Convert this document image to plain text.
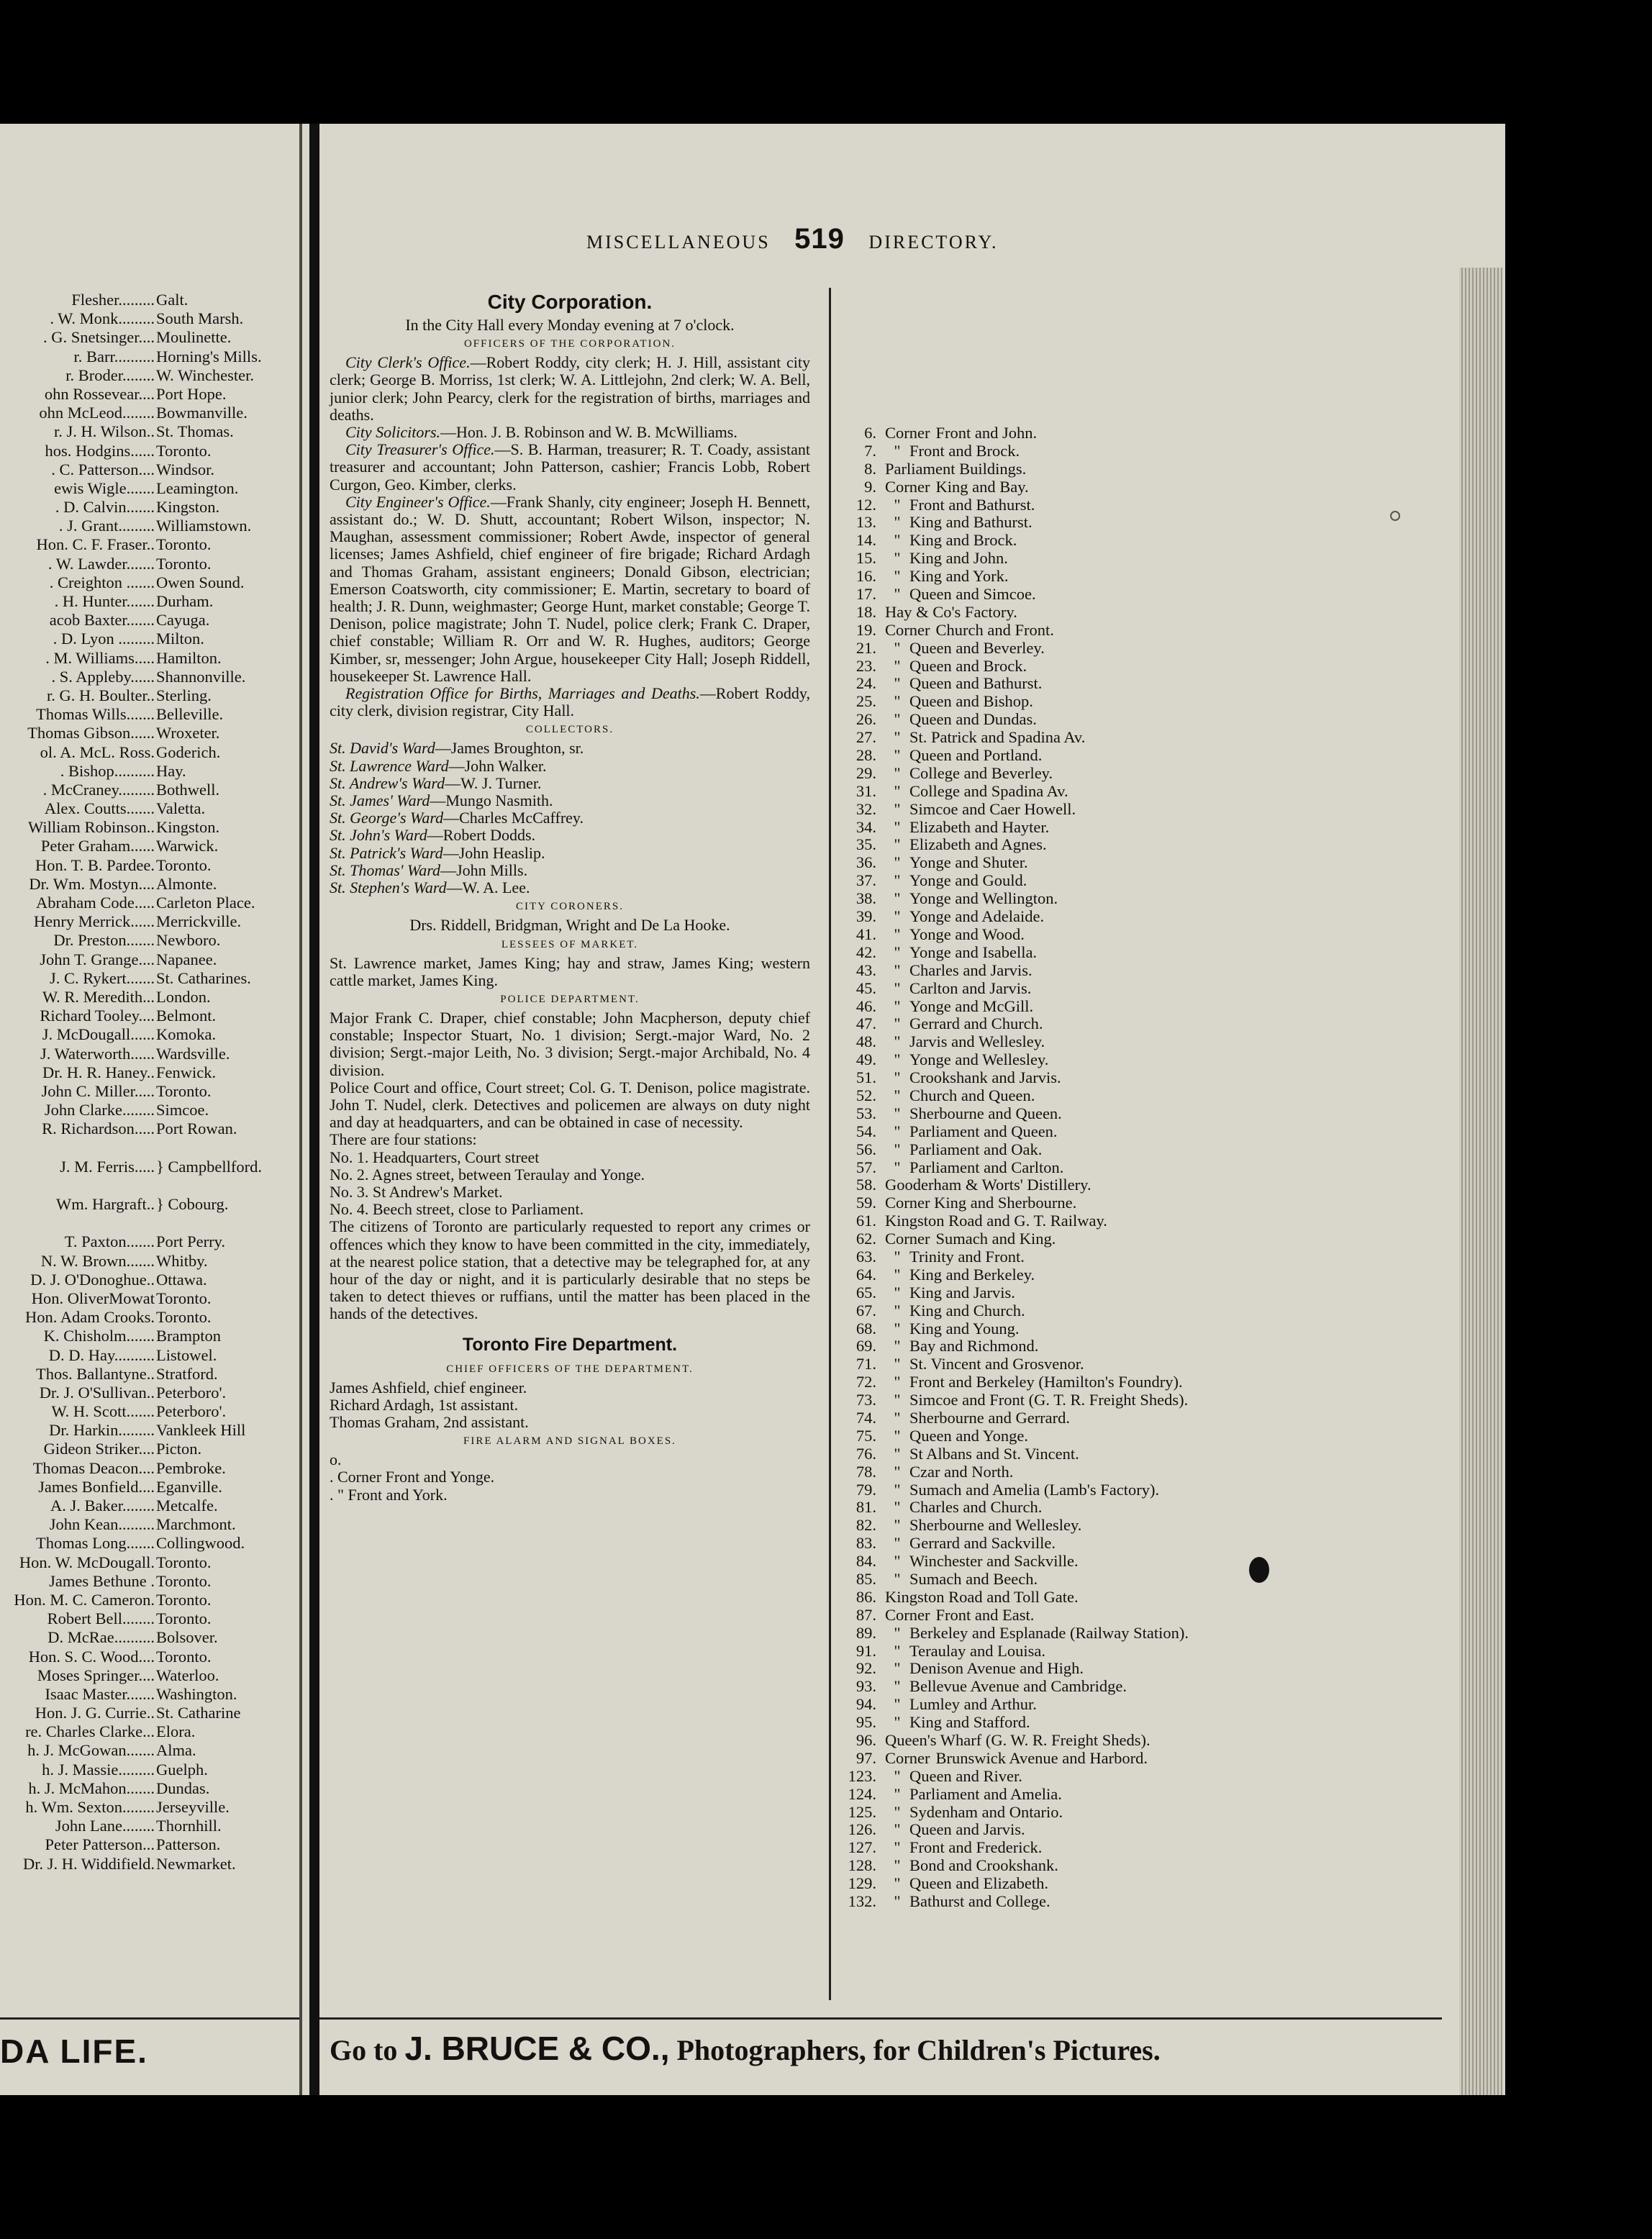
MISCELLANEOUS 519 DIRECTORY.
Flesher......... Galt.
. W. Monk......... South Marsh.
. G. Snetsinger.... Moulinette.
r. Barr.......... Horning's Mills.
r. Broder........ W. Winchester.
ohn Rossevear.... Port Hope.
ohn McLeod........ Bowmanville.
r. J. H. Wilson.. St. Thomas.
hos. Hodgins...... Toronto.
. C. Patterson.... Windsor.
ewis Wigle....... Leamington.
. D. Calvin....... Kingston.
. J. Grant......... Williamstown.
Hon. C. F. Fraser.. Toronto.
. W. Lawder....... Toronto.
. Creighton ....... Owen Sound.
. H. Hunter....... Durham.
acob Baxter....... Cayuga.
. D. Lyon ......... Milton.
. M. Williams..... Hamilton.
. S. Appleby...... Shannonville.
r. G. H. Boulter.. Sterling.
Thomas Wills....... Belleville.
Thomas Gibson...... Wroxeter.
ol. A. McL. Ross. Goderich.
. Bishop.......... Hay.
. McCraney......... Bothwell.
Alex. Coutts....... Valetta.
William Robinson.. Kingston.
Peter Graham...... Warwick.
Hon. T. B. Pardee. Toronto.
Dr. Wm. Mostyn.... Almonte.
Abraham Code..... Carleton Place.
Henry Merrick...... Merrickville.
Dr. Preston....... Newboro.
John T. Grange.... Napanee.
J. C. Rykert....... St. Catharines.
W. R. Meredith... London.
Richard Tooley.... Belmont.
J. McDougall...... Komoka.
J. Waterworth...... Wardsville.
Dr. H. R. Haney.. Fenwick.
John C. Miller..... Toronto.
John Clarke........ Simcoe.
R. Richardson..... Port Rowan.
J. M. Ferris..... } Campbellford.
Wm. Hargraft.. } Cobourg.
T. Paxton....... Port Perry.
N. W. Brown....... Whitby.
D. J. O'Donoghue.. Ottawa.
Hon. OliverMowat Toronto.
Hon. Adam Crooks. Toronto.
K. Chisholm....... Brampton
D. D. Hay.......... Listowel.
Thos. Ballantyne.. Stratford.
Dr. J. O'Sullivan.. Peterboro'.
W. H. Scott....... Peterboro'.
Dr. Harkin......... Vankleek Hill
Gideon Striker.... Picton.
Thomas Deacon.... Pembroke.
James Bonfield.... Eganville.
A. J. Baker........ Metcalfe.
John Kean......... Marchmont.
Thomas Long....... Collingwood.
Hon. W. McDougall. Toronto.
James Bethune . Toronto.
Hon. M. C. Cameron. Toronto.
Robert Bell........ Toronto.
D. McRae.......... Bolsover.
Hon. S. C. Wood.... Toronto.
Moses Springer.... Waterloo.
Isaac Master....... Washington.
Hon. J. G. Currie.. St. Catharine
re. Charles Clarke... Elora.
h. J. McGowan....... Alma.
h. J. Massie......... Guelph.
h. J. McMahon....... Dundas.
h. Wm. Sexton........ Jerseyville.
John Lane........ Thornhill.
Peter Patterson... Patterson.
Dr. J. H. Widdifield. Newmarket.

City Corporation.

In the City Hall every Monday evening at 7 o'clock.

OFFICERS OF THE CORPORATION.

 City Clerk's Office.—Robert Roddy, city clerk; H. J. Hill, assistant city clerk; George B. Morriss, 1st clerk; W. A. Littlejohn, 2nd clerk; W. A. Bell, junior clerk; John Pearcy, clerk for the registration of births, marriages and deaths.

 City Solicitors.—Hon. J. B. Robinson and W. B. McWilliams.

 City Treasurer's Office.—S. B. Harman, treasurer; R. T. Coady, assistant treasurer and accountant; John Patterson, cashier; Francis Lobb, Robert Curgon, Geo. Kimber, clerks.

 City Engineer's Office.—Frank Shanly, city engineer; Joseph H. Bennett, assistant do.; W. D. Shutt, accountant; Robert Wilson, inspector; N. Maughan, assessment commissioner; Robert Awde, inspector of general licenses; James Ashfield, chief engineer of fire brigade; Richard Ardagh and Thomas Graham, assistant engineers; Donald Gibson, electrician; Emerson Coatsworth, city commissioner; E. Martin, secretary to board of health; J. R. Dunn, weighmaster; George Hunt, market constable; George T. Denison, police magistrate; John T. Nudel, police clerk; Frank C. Draper, chief constable; William R. Orr and W. R. Hughes, auditors; George Kimber, sr, messenger; John Argue, housekeeper City Hall; Joseph Riddell, housekeeper St. Lawrence Hall.

 Registration Office for Births, Marriages and Deaths.—Robert Roddy, city clerk, division registrar, City Hall.

COLLECTORS.

St. David's Ward—James Broughton, sr.

St. Lawrence Ward—John Walker.

St. Andrew's Ward—W. J. Turner.

St. James' Ward—Mungo Nasmith.

St. George's Ward—Charles McCaffrey.

St. John's Ward—Robert Dodds.

St. Patrick's Ward—John Heaslip.

St. Thomas' Ward—John Mills.

St. Stephen's Ward—W. A. Lee.

CITY CORONERS.

Drs. Riddell, Bridgman, Wright and De La Hooke.

LESSEES OF MARKET.

St. Lawrence market, James King; hay and straw, James King; western cattle market, James King.

POLICE DEPARTMENT.

Major Frank C. Draper, chief constable; John Macpherson, deputy chief constable; Inspector Stuart, No. 1 division; Sergt.-major Ward, No. 2 division; Sergt.-major Leith, No. 3 division; Sergt.-major Archibald, No. 4 division.

Police Court and office, Court street; Col. G. T. Denison, police magistrate. John T. Nudel, clerk. Detectives and policemen are always on duty night and day at headquarters, and can be obtained in case of necessity.

There are four stations:

No. 1. Headquarters, Court street

No. 2. Agnes street, between Teraulay and Yonge.

No. 3. St Andrew's Market.

No. 4. Beech street, close to Parliament.

The citizens of Toronto are particularly requested to report any crimes or offences which they know to have been committed in the city, immediately, at the nearest police station, that a detective may be telegraphed for, at any hour of the day or night, and it is particularly desirable that no steps be taken to detect thieves or ruffians, until the matter has been placed in the hands of the detectives.

Toronto Fire Department.

CHIEF OFFICERS OF THE DEPARTMENT.

James Ashfield, chief engineer.

Richard Ardagh, 1st assistant.

Thomas Graham, 2nd assistant.

FIRE ALARM AND SIGNAL BOXES.

o.

. Corner Front and Yonge.

. " Front and York.

6. Corner Front and John.
7.	" Front and Brock.
8. Parliament Buildings.
9. Corner King and Bay.
12.	" Front and Bathurst.
13.	" King and Bathurst.
14.	" King and Brock.
15.	" King and John.
16.	" King and York.
17.	" Queen and Simcoe.
18. Hay & Co's Factory.
19. Corner Church and Front.
21.	" Queen and Beverley.
23.	" Queen and Brock.
24.	" Queen and Bathurst.
25.	" Queen and Bishop.
26.	" Queen and Dundas.
27.	" St. Patrick and Spadina Av.
28.	" Queen and Portland.
29.	" College and Beverley.
31.	" College and Spadina Av.
32.	" Simcoe and Caer Howell.
34.	" Elizabeth and Hayter.
35.	" Elizabeth and Agnes.
36.	" Yonge and Shuter.
37.	" Yonge and Gould.
38.	" Yonge and Wellington.
39.	" Yonge and Adelaide.
41.	" Yonge and Wood.
42.	" Yonge and Isabella.
43.	" Charles and Jarvis.
45.	" Carlton and Jarvis.
46.	" Yonge and McGill.
47.	" Gerrard and Church.
48.	" Jarvis and Wellesley.
49.	" Yonge and Wellesley.
51.	" Crookshank and Jarvis.
52.	" Church and Queen.
53.	" Sherbourne and Queen.
54.	" Parliament and Queen.
56.	" Parliament and Oak.
57.	" Parliament and Carlton.
58. Gooderham & Worts' Distillery.
59. Corner King and Sherbourne.
61. Kingston Road and G. T. Railway.
62. Corner Sumach and King.
63.	" Trinity and Front.
64.	" King and Berkeley.
65.	" King and Jarvis.
67.	" King and Church.
68.	" King and Young.
69.	" Bay and Richmond.
71.	" St. Vincent and Grosvenor.
72.	" Front and Berkeley (Hamilton's Foundry).
73.	" Simcoe and Front (G. T. R. Freight Sheds).
74.	" Sherbourne and Gerrard.
75.	" Queen and Yonge.
76.	" St Albans and St. Vincent.
78.	" Czar and North.
79.	" Sumach and Amelia (Lamb's Factory).
81.	" Charles and Church.
82.	" Sherbourne and Wellesley.
83.	" Gerrard and Sackville.
84.	" Winchester and Sackville.
85.	" Sumach and Beech.
86. Kingston Road and Toll Gate.
87. Corner Front and East.
89.	" Berkeley and Esplanade (Railway Station).
91.	" Teraulay and Louisa.
92.	" Denison Avenue and High.
93.	" Bellevue Avenue and Cambridge.
94.	" Lumley and Arthur.
95.	" King and Stafford.
96. Queen's Wharf (G. W. R. Freight Sheds).
97. Corner Brunswick Avenue and Harbord.
123.	" Queen and River.
124.	" Parliament and Amelia.
125.	" Sydenham and Ontario.
126.	" Queen and Jarvis.
127.	" Front and Frederick.
128.	" Bond and Crookshank.
129.	" Queen and Elizabeth.
132.	" Bathurst and College.
DA LIFE.	Go to J. BRUCE & CO., Photographers, for Children's Pictures.
